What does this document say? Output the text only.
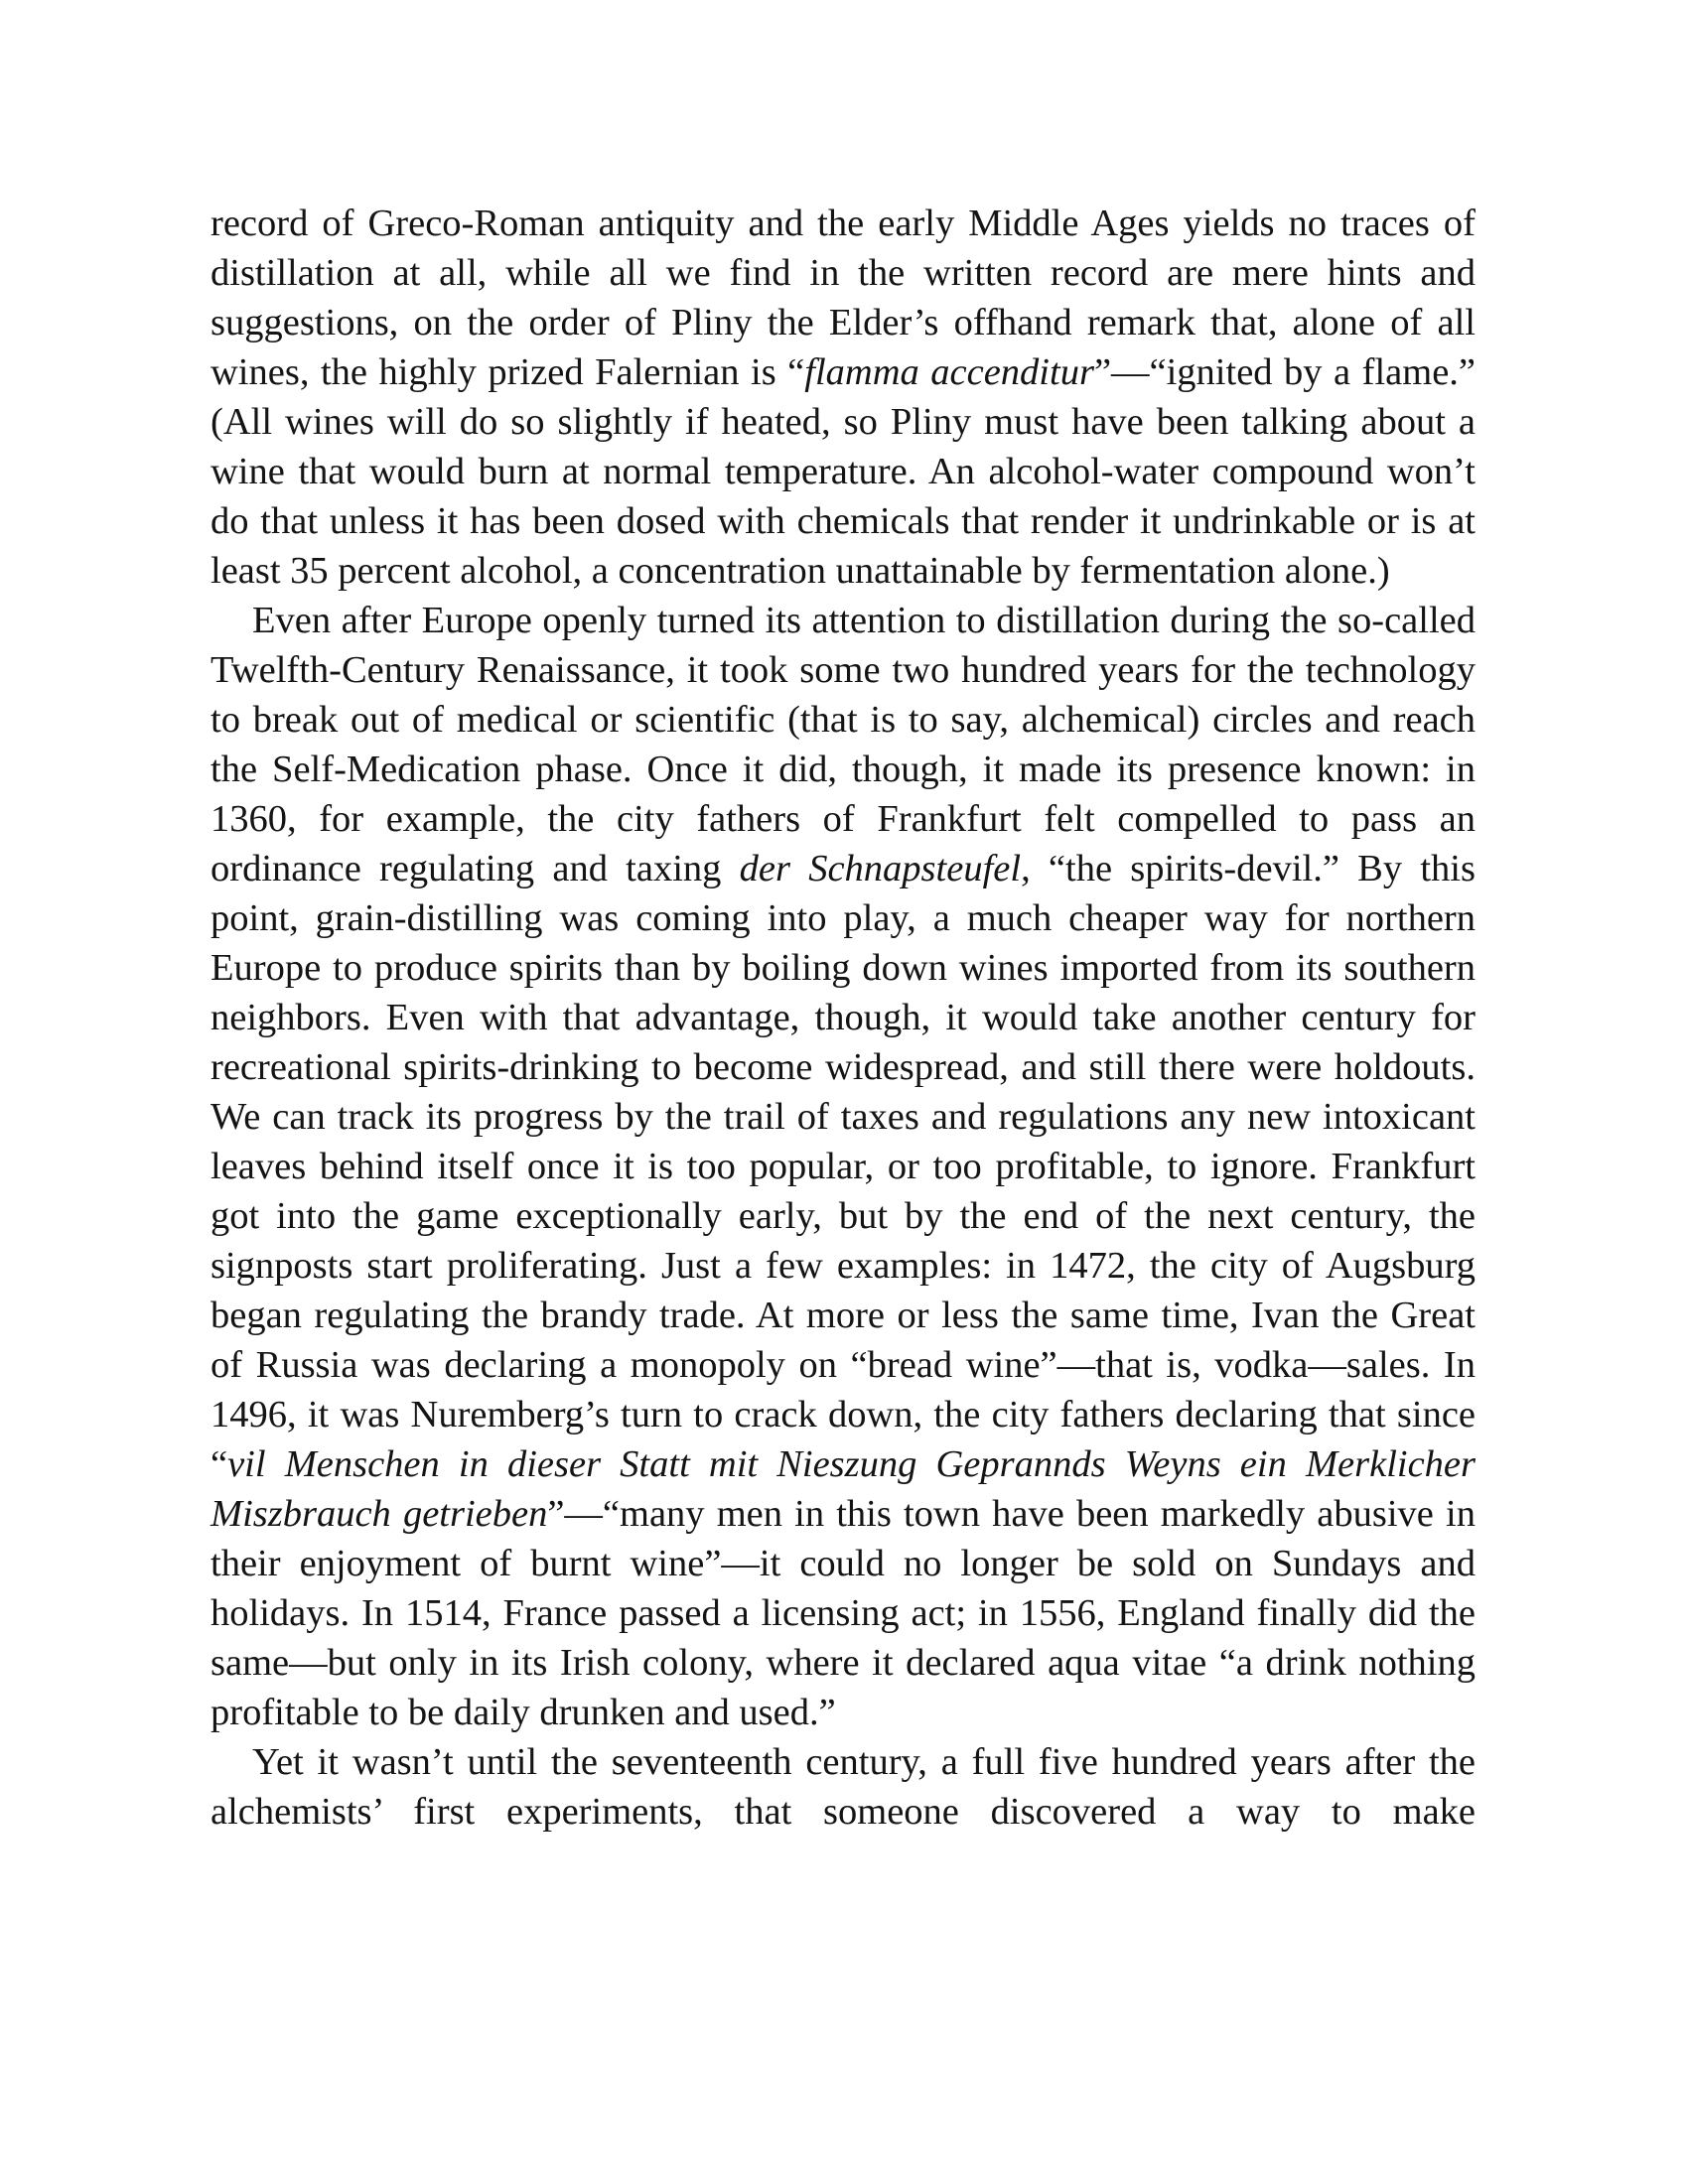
record of Greco-Roman antiquity and the early Middle Ages yields no traces of distillation at all, while all we find in the written record are mere hints and suggestions, on the order of Pliny the Elder’s offhand remark that, alone of all wines, the highly prized Falernian is “flamma accenditur”—“ignited by a flame.” (All wines will do so slightly if heated, so Pliny must have been talking about a wine that would burn at normal temperature. An alcohol-water compound won’t do that unless it has been dosed with chemicals that render it undrinkable or is at least 35 percent alcohol, a concentration unattainable by fermentation alone.)

Even after Europe openly turned its attention to distillation during the so-called Twelfth-Century Renaissance, it took some two hundred years for the technology to break out of medical or scientific (that is to say, alchemical) circles and reach the Self-Medication phase. Once it did, though, it made its presence known: in 1360, for example, the city fathers of Frankfurt felt compelled to pass an ordinance regulating and taxing der Schnapsteufel, “the spirits-devil.” By this point, grain-distilling was coming into play, a much cheaper way for northern Europe to produce spirits than by boiling down wines imported from its southern neighbors. Even with that advantage, though, it would take another century for recreational spirits-drinking to become widespread, and still there were holdouts. We can track its progress by the trail of taxes and regulations any new intoxicant leaves behind itself once it is too popular, or too profitable, to ignore. Frankfurt got into the game exceptionally early, but by the end of the next century, the signposts start proliferating. Just a few examples: in 1472, the city of Augsburg began regulating the brandy trade. At more or less the same time, Ivan the Great of Russia was declaring a monopoly on “bread wine”—that is, vodka—sales. In 1496, it was Nuremberg’s turn to crack down, the city fathers declaring that since “vil Menschen in dieser Statt mit Nieszung Geprannds Weyns ein Merklicher Miszbrauch getrieben”—“many men in this town have been markedly abusive in their enjoyment of burnt wine”—it could no longer be sold on Sundays and holidays. In 1514, France passed a licensing act; in 1556, England finally did the same—but only in its Irish colony, where it declared aqua vitae “a drink nothing profitable to be daily drunken and used.”

Yet it wasn’t until the seventeenth century, a full five hundred years after the alchemists’ first experiments, that someone discovered a way to make
